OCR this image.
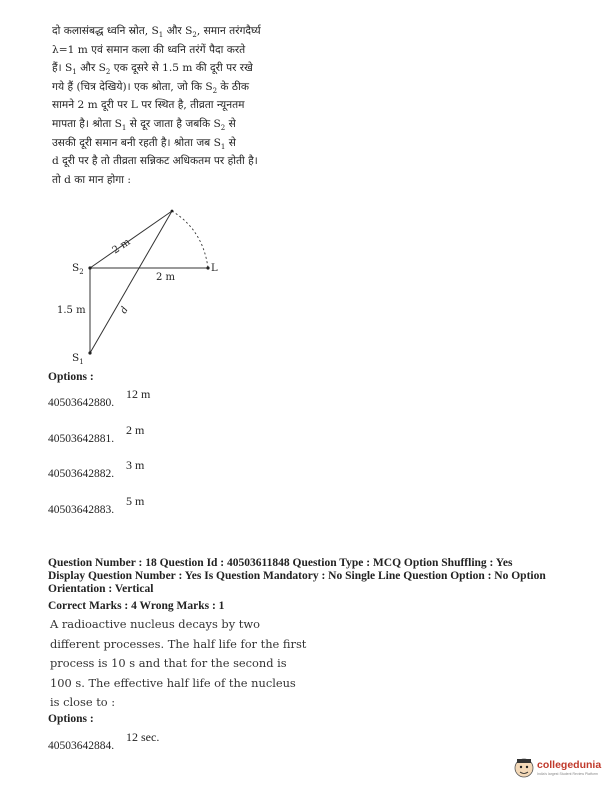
दो कलासंबद्ध ध्वनि स्रोत, $S_1$ और $S_2$, समान तरंगदैर्घ्य
λ=1 m एवं समान कला की ध्वनि तरंगें पैदा करते
हैं। $S_1$ और $S_2$ एक दूसरे से 1.5 m की दूरी पर रखे
गये हैं (चित्र देखिये)। एक श्रोता, जो कि $S_2$ के ठीक
सामने 2 m दूरी पर L पर स्थित है, तीव्रता न्यूनतम
मापता है। श्रोता $S_1$ से दूर जाता है जबकि $S_2$ से
उसकी दूरी समान बनी रहती है। श्रोता जब $S_1$ से
d दूरी पर है तो तीव्रता सन्निकट अधिकतम पर होती है।
तो d का मान होगा :
$S_2$
$S_1$
L
2 m
2 m
1.5 m	d
Options :
40503642880.
12 m
40503642881.
2 m
40503642882.
3 m
40503642883.
5 m
Question Number : 18 Question Id : 40503611848 Question Type : MCQ Option Shuffling : Yes
Display Question Number : Yes Is Question Mandatory : No Single Line Question Option : No Option
Orientation : Vertical
Correct Marks : 4 Wrong Marks : 1
A radioactive nucleus decays by two
different processes. The half life for the first
process is 10 s and that for the second is
100 s. The effective half life of the nucleus
is close to :
Options :
40503642884.
12 sec.
collegedunia
India's largest Student Review Platform
